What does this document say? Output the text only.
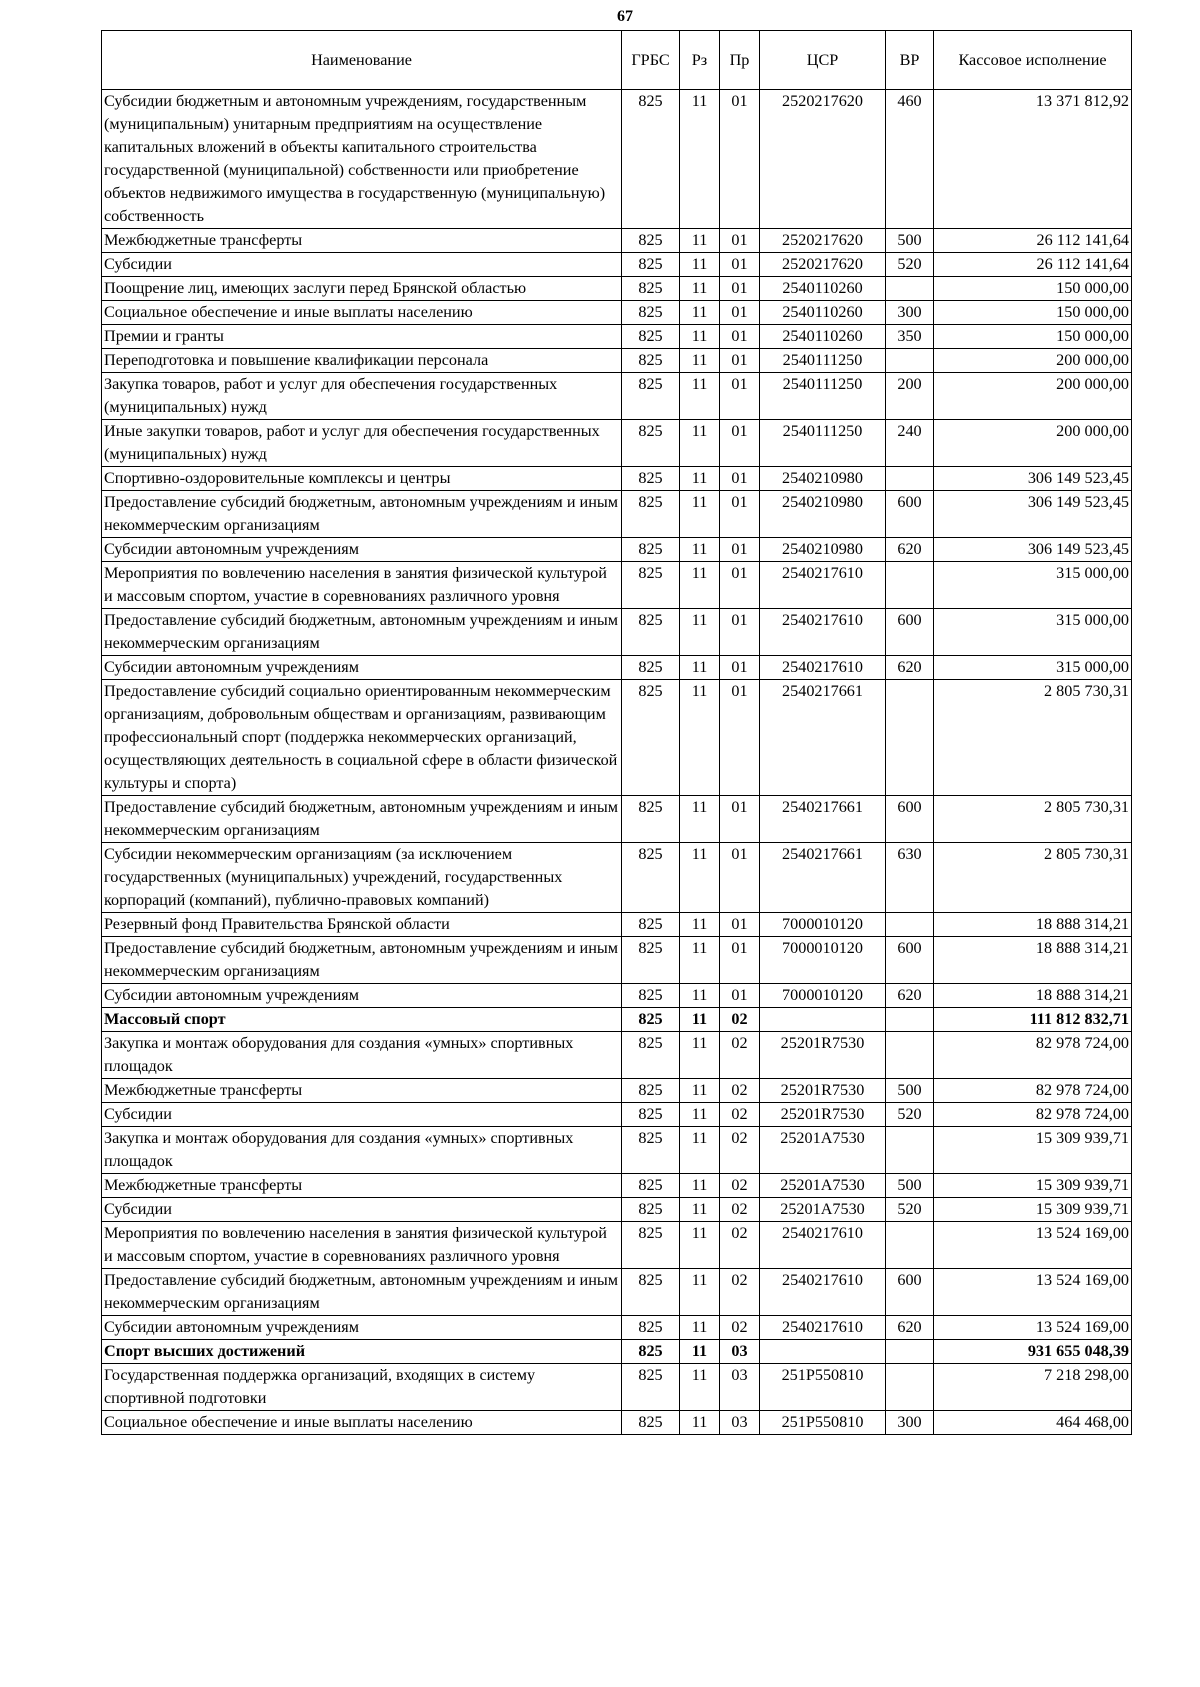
67
Наименование	ГРБС	Рз	Пр	ЦСР	ВР	Кассовое исполнение
Субсидии бюджетным и автономным учреждениям, государственным (муниципальным) унитарным предприятиям на осуществление капитальных вложений в объекты капитального строительства государственной (муниципальной) собственности или приобретение объектов недвижимого имущества в государственную (муниципальную) собственность	825	11	01	2520217620	460	13 371 812,92
Межбюджетные трансферты	825	11	01	2520217620	500	26 112 141,64
Субсидии	825	11	01	2520217620	520	26 112 141,64
Поощрение лиц, имеющих заслуги перед Брянской областью	825	11	01	2540110260		150 000,00
Социальное обеспечение и иные выплаты населению	825	11	01	2540110260	300	150 000,00
Премии и гранты	825	11	01	2540110260	350	150 000,00
Переподготовка и повышение квалификации персонала	825	11	01	2540111250		200 000,00
Закупка товаров, работ и услуг для обеспечения государственных (муниципальных) нужд	825	11	01	2540111250	200	200 000,00
Иные закупки товаров, работ и услуг для обеспечения государственных (муниципальных) нужд	825	11	01	2540111250	240	200 000,00
Спортивно-оздоровительные комплексы и центры	825	11	01	2540210980		306 149 523,45
Предоставление субсидий бюджетным, автономным учреждениям и иным некоммерческим организациям	825	11	01	2540210980	600	306 149 523,45
Субсидии автономным учреждениям	825	11	01	2540210980	620	306 149 523,45
Мероприятия по вовлечению населения в занятия физической культурой и массовым спортом, участие в соревнованиях различного уровня	825	11	01	2540217610		315 000,00
Предоставление субсидий бюджетным, автономным учреждениям и иным некоммерческим организациям	825	11	01	2540217610	600	315 000,00
Субсидии автономным учреждениям	825	11	01	2540217610	620	315 000,00
Предоставление субсидий социально ориентированным некоммерческим организациям, добровольным обществам и организациям, развивающим профессиональный спорт (поддержка некоммерческих организаций, осуществляющих деятельность в социальной сфере в области физической культуры и спорта)	825	11	01	2540217661		2 805 730,31
Предоставление субсидий бюджетным, автономным учреждениям и иным некоммерческим организациям	825	11	01	2540217661	600	2 805 730,31
Субсидии некоммерческим организациям (за исключением государственных (муниципальных) учреждений, государственных корпораций (компаний), публично-правовых компаний)	825	11	01	2540217661	630	2 805 730,31
Резервный фонд Правительства Брянской области	825	11	01	7000010120		18 888 314,21
Предоставление субсидий бюджетным, автономным учреждениям и иным некоммерческим организациям	825	11	01	7000010120	600	18 888 314,21
Субсидии автономным учреждениям	825	11	01	7000010120	620	18 888 314,21
Массовый спорт	825	11	02			111 812 832,71
Закупка и монтаж оборудования для создания «умных» спортивных площадок	825	11	02	25201R7530		82 978 724,00
Межбюджетные трансферты	825	11	02	25201R7530	500	82 978 724,00
Субсидии	825	11	02	25201R7530	520	82 978 724,00
Закупка и монтаж оборудования для создания «умных» спортивных площадок	825	11	02	25201A7530		15 309 939,71
Межбюджетные трансферты	825	11	02	25201A7530	500	15 309 939,71
Субсидии	825	11	02	25201A7530	520	15 309 939,71
Мероприятия по вовлечению населения в занятия физической культурой и массовым спортом, участие в соревнованиях различного уровня	825	11	02	2540217610		13 524 169,00
Предоставление субсидий бюджетным, автономным учреждениям и иным некоммерческим организациям	825	11	02	2540217610	600	13 524 169,00
Субсидии автономным учреждениям	825	11	02	2540217610	620	13 524 169,00
Спорт высших достижений	825	11	03			931 655 048,39
Государственная поддержка организаций, входящих в систему спортивной подготовки	825	11	03	251P550810		7 218 298,00
Социальное обеспечение и иные выплаты населению	825	11	03	251P550810	300	464 468,00
